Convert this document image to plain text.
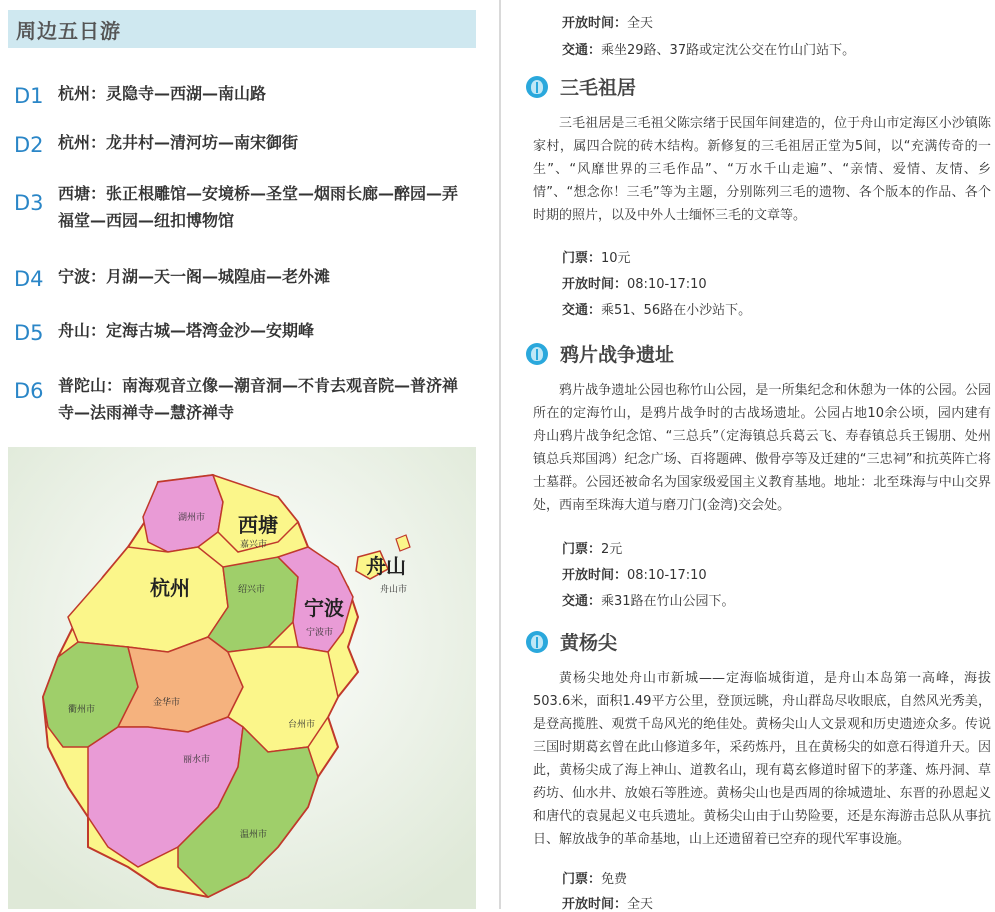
周边五日游
D1 杭州：灵隐寺—西湖—南山路
D2 杭州：龙井村—清河坊—南宋御街
D3 西塘：张正根雕馆—安境桥—圣堂—烟雨长廊—醉园—弄福堂—西园—纽扣博物馆
D4 宁波：月湖—天一阁—城隍庙—老外滩
D5 舟山：定海古城—塔湾金沙—安期峰
D6 普陀山：南海观音立像—潮音洞—不肯去观音院—普济禅寺—法雨禅寺—慧济禅寺
西塘
杭州
宁波
舟山
湖州市
嘉兴市
绍兴市
宁波市
舟山市
衢州市
金华市
台州市
丽水市
温州市
开放时间：全天
交通：乘坐29路、37路或定沈公交在竹山门站下。
三毛祖居
三毛祖居是三毛祖父陈宗绪于民国年间建造的，位于舟山市定海区小沙镇陈家村，属四合院的砖木结构。新修复的三毛祖居正堂为5间，以“充满传奇的一生”、“风靡世界的三毛作品”、“万水千山走遍”、“亲情、爱情、友情、乡情”、“想念你！三毛”等为主题，分别陈列三毛的遗物、各个版本的作品、各个时期的照片，以及中外人士缅怀三毛的文章等。
门票：10元
开放时间：08:10-17:10
交通：乘51、56路在小沙站下。
鸦片战争遗址
鸦片战争遗址公园也称竹山公园，是一所集纪念和休憩为一体的公园。公园所在的定海竹山，是鸦片战争时的古战场遗址。公园占地10余公顷，园内建有舟山鸦片战争纪念馆、“三总兵”（定海镇总兵葛云飞、寿春镇总兵王锡朋、处州镇总兵郑国鸿）纪念广场、百将题碑、傲骨亭等及迁建的“三忠祠”和抗英阵亡将士墓群。公园还被命名为国家级爱国主义教育基地。地址：北至珠海与中山交界处，西南至珠海大道与磨刀门(金湾)交会处。
门票：2元
开放时间：08:10-17:10
交通：乘31路在竹山公园下。
黄杨尖
黄杨尖地处舟山市新城——定海临城街道，是舟山本岛第一高峰，海拔503.6米，面积1.49平方公里，登顶远眺，舟山群岛尽收眼底，自然风光秀美，是登高揽胜、观赏千岛风光的绝佳处。黄杨尖山人文景观和历史遗迹众多。传说三国时期葛玄曾在此山修道多年，采药炼丹，且在黄杨尖的如意石得道升天。因此，黄杨尖成了海上神山、道教名山，现有葛玄修道时留下的茅蓬、炼丹洞、草药坊、仙水井、放娘石等胜迹。黄杨尖山也是西周的徐城遗址、东晋的孙恩起义和唐代的袁晁起义屯兵遗址。黄杨尖山由于山势险要，还是东海游击总队从事抗日、解放战争的革命基地，山上还遗留着已空弃的现代军事设施。
门票：免费
开放时间：全天
